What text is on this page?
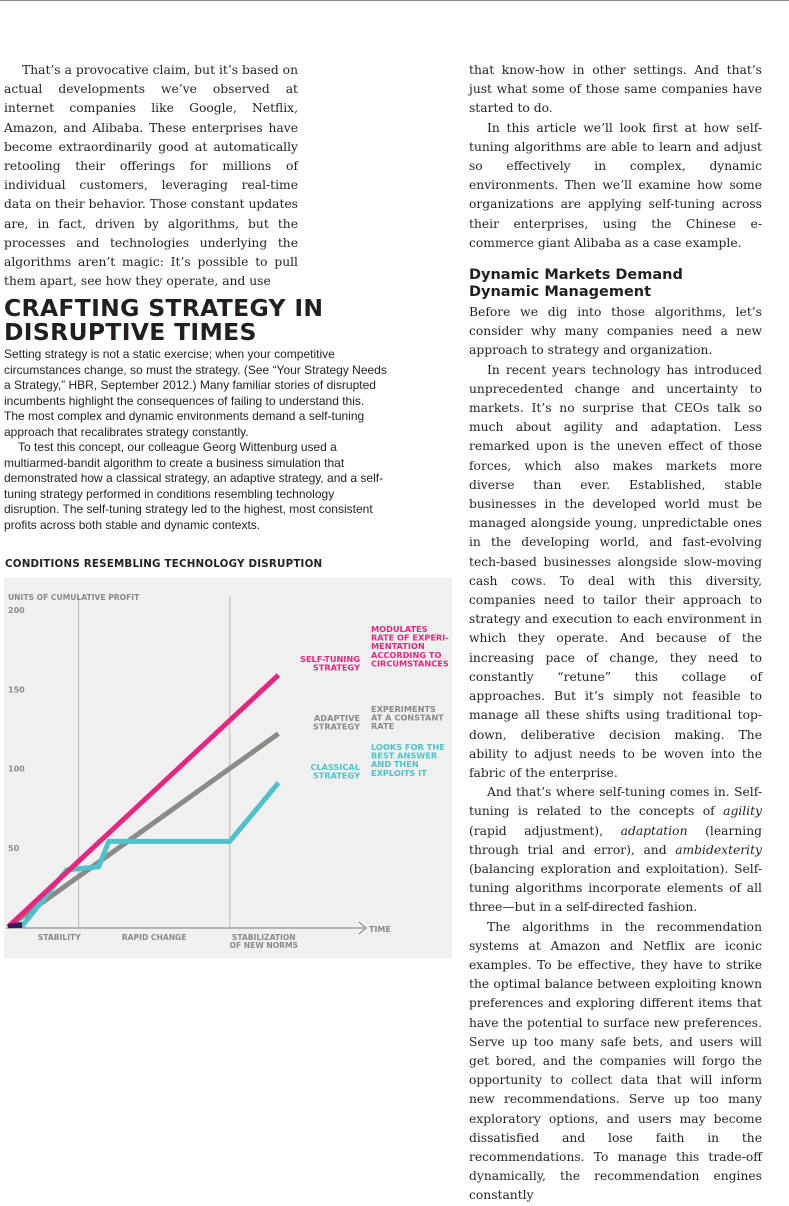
That’s a provocative claim, but it’s based on actual developments we’ve observed at internet companies like Google, Netflix, Amazon, and Alibaba. These enterprises have become extraordinarily good at automatically retooling their offerings for millions of individual customers, leveraging real-time data on their behavior. Those constant updates are, in fact, driven by algorithms, but the processes and technologies underlying the algorithms aren’t magic: It’s possible to pull them apart, see how they operate, and use

CRAFTING STRATEGY IN
DISRUPTIVE TIMES

Setting strategy is not a static exercise; when your competitive circumstances change, so must the strategy. (See “Your Strategy Needs a Strategy,” HBR, September 2012.) Many familiar stories of disrupted incumbents highlight the consequences of failing to understand this. The most complex and dynamic environments demand a self-tuning approach that recalibrates strategy constantly.

To test this concept, our colleague Georg Wittenburg used a multiarmed-bandit algorithm to create a business simulation that demonstrated how a classical strategy, an adaptive strategy, and a self-tuning strategy performed in conditions resembling technology disruption. The self-tuning strategy led to the highest, most consistent profits across both stable and dynamic contexts.

CONDITIONS RESEMBLING TECHNOLOGY DISRUPTION
UNITS OF CUMULATIVE PROFIT
200
150
100
50
TIME
STABILITY	RAPID CHANGE	STABILIZATION
OF NEW NORMS
SELF-TUNING
STRATEGY
MODULATES
RATE OF EXPERI-
MENTATION
ACCORDING TO
CIRCUMSTANCES
ADAPTIVE
STRATEGY
EXPERIMENTS
AT A CONSTANT
RATE
CLASSICAL
STRATEGY
LOOKS FOR THE
BEST ANSWER
AND THEN
EXPLOITS IT

that know-how in other settings. And that’s just what some of those same companies have started to do.

In this article we’ll look first at how self-tuning algorithms are able to learn and adjust so effectively in complex, dynamic environments. Then we’ll examine how some organizations are applying self-tuning across their enterprises, using the Chinese e-commerce giant Alibaba as a case example.

Dynamic Markets Demand
Dynamic Management

Before we dig into those algorithms, let’s consider why many companies need a new approach to strategy and organization.

In recent years technology has introduced unprecedented change and uncertainty to markets. It’s no surprise that CEOs talk so much about agility and adaptation. Less remarked upon is the uneven effect of those forces, which also makes markets more diverse than ever. Established, stable businesses in the developed world must be managed alongside young, unpredictable ones in the developing world, and fast-evolving tech-based businesses alongside slow-moving cash cows. To deal with this diversity, companies need to tailor their approach to strategy and execution to each environment in which they operate. And because of the increasing pace of change, they need to constantly “retune” this collage of approaches. But it’s simply not feasible to manage all these shifts using traditional top-down, deliberative decision making. The ability to adjust needs to be woven into the fabric of the enterprise.

And that’s where self-tuning comes in. Self-tuning is related to the concepts of agility (rapid adjustment), adaptation (learning through trial and error), and ambidexterity (balancing exploration and exploitation). Self-tuning algorithms incorporate elements of all three—but in a self-directed fashion.

The algorithms in the recommendation systems at Amazon and Netflix are iconic examples. To be effective, they have to strike the optimal balance between exploiting known preferences and exploring different items that have the potential to surface new preferences. Serve up too many safe bets, and users will get bored, and the companies will forgo the opportunity to collect data that will inform new recommendations. Serve up too many exploratory options, and users may become dissatisfied and lose faith in the recommendations. To manage this trade-off dynamically, the recommendation engines constantly
